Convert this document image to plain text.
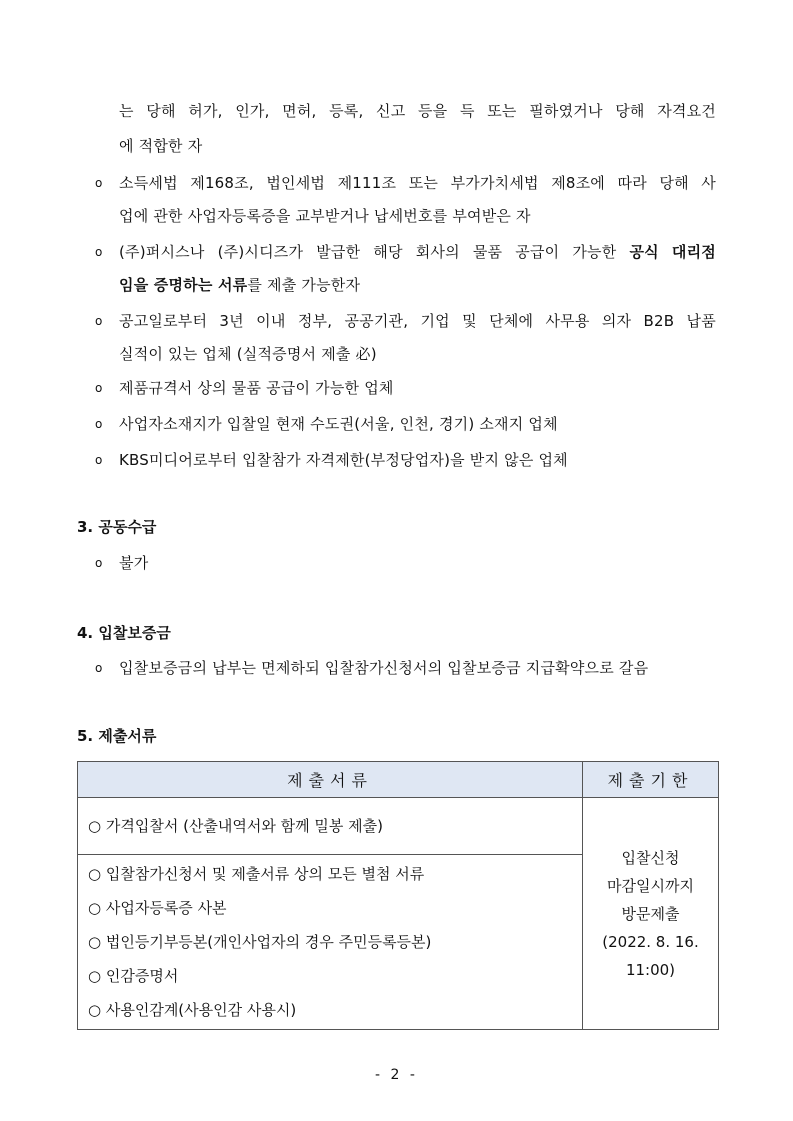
는 당해 허가, 인가, 면허, 등록, 신고 등을 득 또는 필하였거나 당해 자격요건
에 적합한 자
o 소득세법 제168조, 법인세법 제111조 또는 부가가치세법 제8조에 따라 당해 사
업에 관한 사업자등록증을 교부받거나 납세번호를 부여받은 자
o (주)퍼시스나 (주)시디즈가 발급한 해당 회사의 물품 공급이 가능한 공식 대리점
임을 증명하는 서류를 제출 가능한자
o 공고일로부터 3년 이내 정부, 공공기관, 기업 및 단체에 사무용 의자 B2B 납품
실적이 있는 업체 (실적증명서 제출 必)
o 제품규격서 상의 물품 공급이 가능한 업체
o 사업자소재지가 입찰일 현재 수도권(서울, 인천, 경기) 소재지 업체
o KBS미디어로부터 입찰참가 자격제한(부정당업자)을 받지 않은 업체
3. 공동수급
o 불가
4. 입찰보증금
o 입찰보증금의 납부는 면제하되 입찰참가신청서의 입찰보증금 지급확약으로 갈음
5. 제출서류
제출서류	제출기한

○ 가격입찰서 (산출내역서와 함께 밀봉 제출)	입찰신청
마감일시까지
방문제출
(2022. 8. 16.
11:00)

○ 입찰참가신청서 및 제출서류 상의 모든 별첨 서류
○ 사업자등록증 사본
○ 법인등기부등본(개인사업자의 경우 주민등록등본)
○ 인감증명서
○ 사용인감계(사용인감 사용시)	
- 2 -
